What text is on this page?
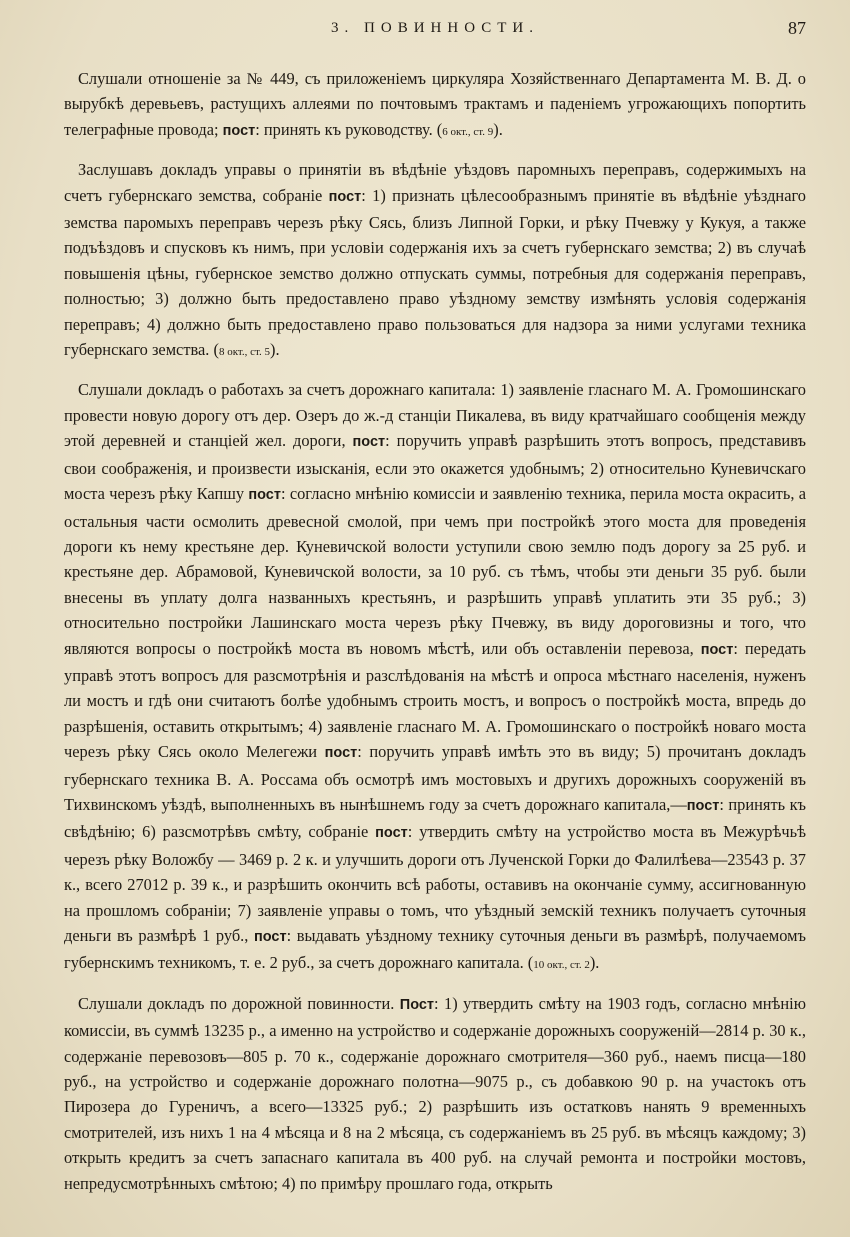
3. ПОВИННОСТИ.	87

Слушали отношеніе за № 449, съ приложеніемъ циркуляра Хозяйственнаго Департамента М. В. Д. о вырубкѣ деревьевъ, растущихъ аллеями по почтовымъ трактамъ и паденіемъ угрожающихъ попортить телеграфные провода; пост: принять къ руководству. (6 окт., ст. 9).

Заслушавъ докладъ управы о принятіи въ вѣдѣніе уѣздовъ паромныхъ переправъ, содержимыхъ на счетъ губернскаго земства, собраніе пост: 1) признать цѣлесообразнымъ принятіе въ вѣдѣніе уѣзднаго земства паромыхъ переправъ черезъ рѣку Сясь, близъ Липной Горки, и рѣку Пчевжу у Кукуя, а также подъѣздовъ и спусковъ къ нимъ, при условіи содержанія ихъ за счетъ губернскаго земства; 2) въ случаѣ повышенія цѣны, губернское земство должно отпускать суммы, потребныя для содержанія переправъ, полностью; 3) должно быть предоставлено право уѣздному земству измѣнять условія содержанія переправъ; 4) должно быть предоставлено право пользоваться для надзора за ними услугами техника губернскаго земства. (8 окт., ст. 5).

Слушали докладъ о работахъ за счетъ дорожнаго капитала: 1) заявленіе гласнаго М. А. Громошинскаго провести новую дорогу отъ дер. Озеръ до ж.-д станціи Пикалева, въ виду кратчайшаго сообщенія между этой деревней и станціей жел. дороги, пост: поручить управѣ разрѣшить этотъ вопросъ, представивъ свои соображенія, и произвести изысканія, если это окажется удобнымъ; 2) относительно Куневичскаго моста черезъ рѣку Капшу пост: согласно мнѣнію комиссіи и заявленію техника, перила моста окрасить, а остальныя части осмолить древесной смолой, при чемъ при постройкѣ этого моста для проведенія дороги къ нему крестьяне дер. Куневичской волости уступили свою землю подъ дорогу за 25 руб. и крестьяне дер. Абрамовой, Куневичской волости, за 10 руб. съ тѣмъ, чтобы эти деньги 35 руб. были внесены въ уплату долга названныхъ крестьянъ, и разрѣшить управѣ уплатить эти 35 руб.; 3) относительно постройки Лашинскаго моста черезъ рѣку Пчевжу, въ виду дороговизны и того, что являются вопросы о постройкѣ моста въ новомъ мѣстѣ, или объ оставленіи перевоза, пост: передать управѣ этотъ вопросъ для разсмотрѣнія и разслѣдованія на мѣстѣ и опроса мѣстнаго населенія, нуженъ ли мостъ и гдѣ они считаютъ болѣе удобнымъ строить мостъ, и вопросъ о постройкѣ моста, впредь до разрѣшенія, оставить открытымъ; 4) заявленіе гласнаго М. А. Громошинскаго о постройкѣ новаго моста черезъ рѣку Сясь около Мелегежи пост: поручить управѣ имѣть это въ виду; 5) прочитанъ докладъ губернскаго техника В. А. Россама объ осмотрѣ имъ мостовыхъ и другихъ дорожныхъ сооруженій въ Тихвинскомъ уѣздѣ, выполненныхъ въ нынѣшнемъ году за счетъ дорожнаго капитала,—пост: принять къ свѣдѣнію; 6) разсмотрѣвъ смѣту, собраніе пост: утвердить смѣту на устройство моста въ Межурѣчьѣ черезъ рѣку Воложбу — 3469 р. 2 к. и улучшить дороги отъ Лученской Горки до Фалилѣева—23543 р. 37 к., всего 27012 р. 39 к., и разрѣшить окончить всѣ работы, оставивъ на окончаніе сумму, ассигнованную на прошломъ собраніи; 7) заявленіе управы о томъ, что уѣздный земскій техникъ получаетъ суточныя деньги въ размѣрѣ 1 руб., пост: выдавать уѣздному технику суточныя деньги въ размѣрѣ, получаемомъ губернскимъ техникомъ, т. е. 2 руб., за счетъ дорожнаго капитала. (10 окт., ст. 2).

Слушали докладъ по дорожной повинности. Пост: 1) утвердить смѣту на 1903 годъ, согласно мнѣнію комиссіи, въ суммѣ 13235 р., а именно на устройство и содержаніе дорожныхъ сооруженій—2814 р. 30 к., содержаніе перевозовъ—805 р. 70 к., содержаніе дорожнаго смотрителя—360 руб., наемъ писца—180 руб., на устройство и содержаніе дорожнаго полотна—9075 р., съ добавкою 90 р. на участокъ отъ Пирозера до Гуреничъ, а всего—13325 руб.; 2) разрѣшить изъ остатковъ нанять 9 временныхъ смотрителей, изъ нихъ 1 на 4 мѣсяца и 8 на 2 мѣсяца, съ содержаніемъ въ 25 руб. въ мѣсяцъ каждому; 3) открыть кредитъ за счетъ запаснаго капитала въ 400 руб. на случай ремонта и постройки мостовъ, непредусмотрѣнныхъ смѣтою; 4) по примѣру прошлаго года, открыть
